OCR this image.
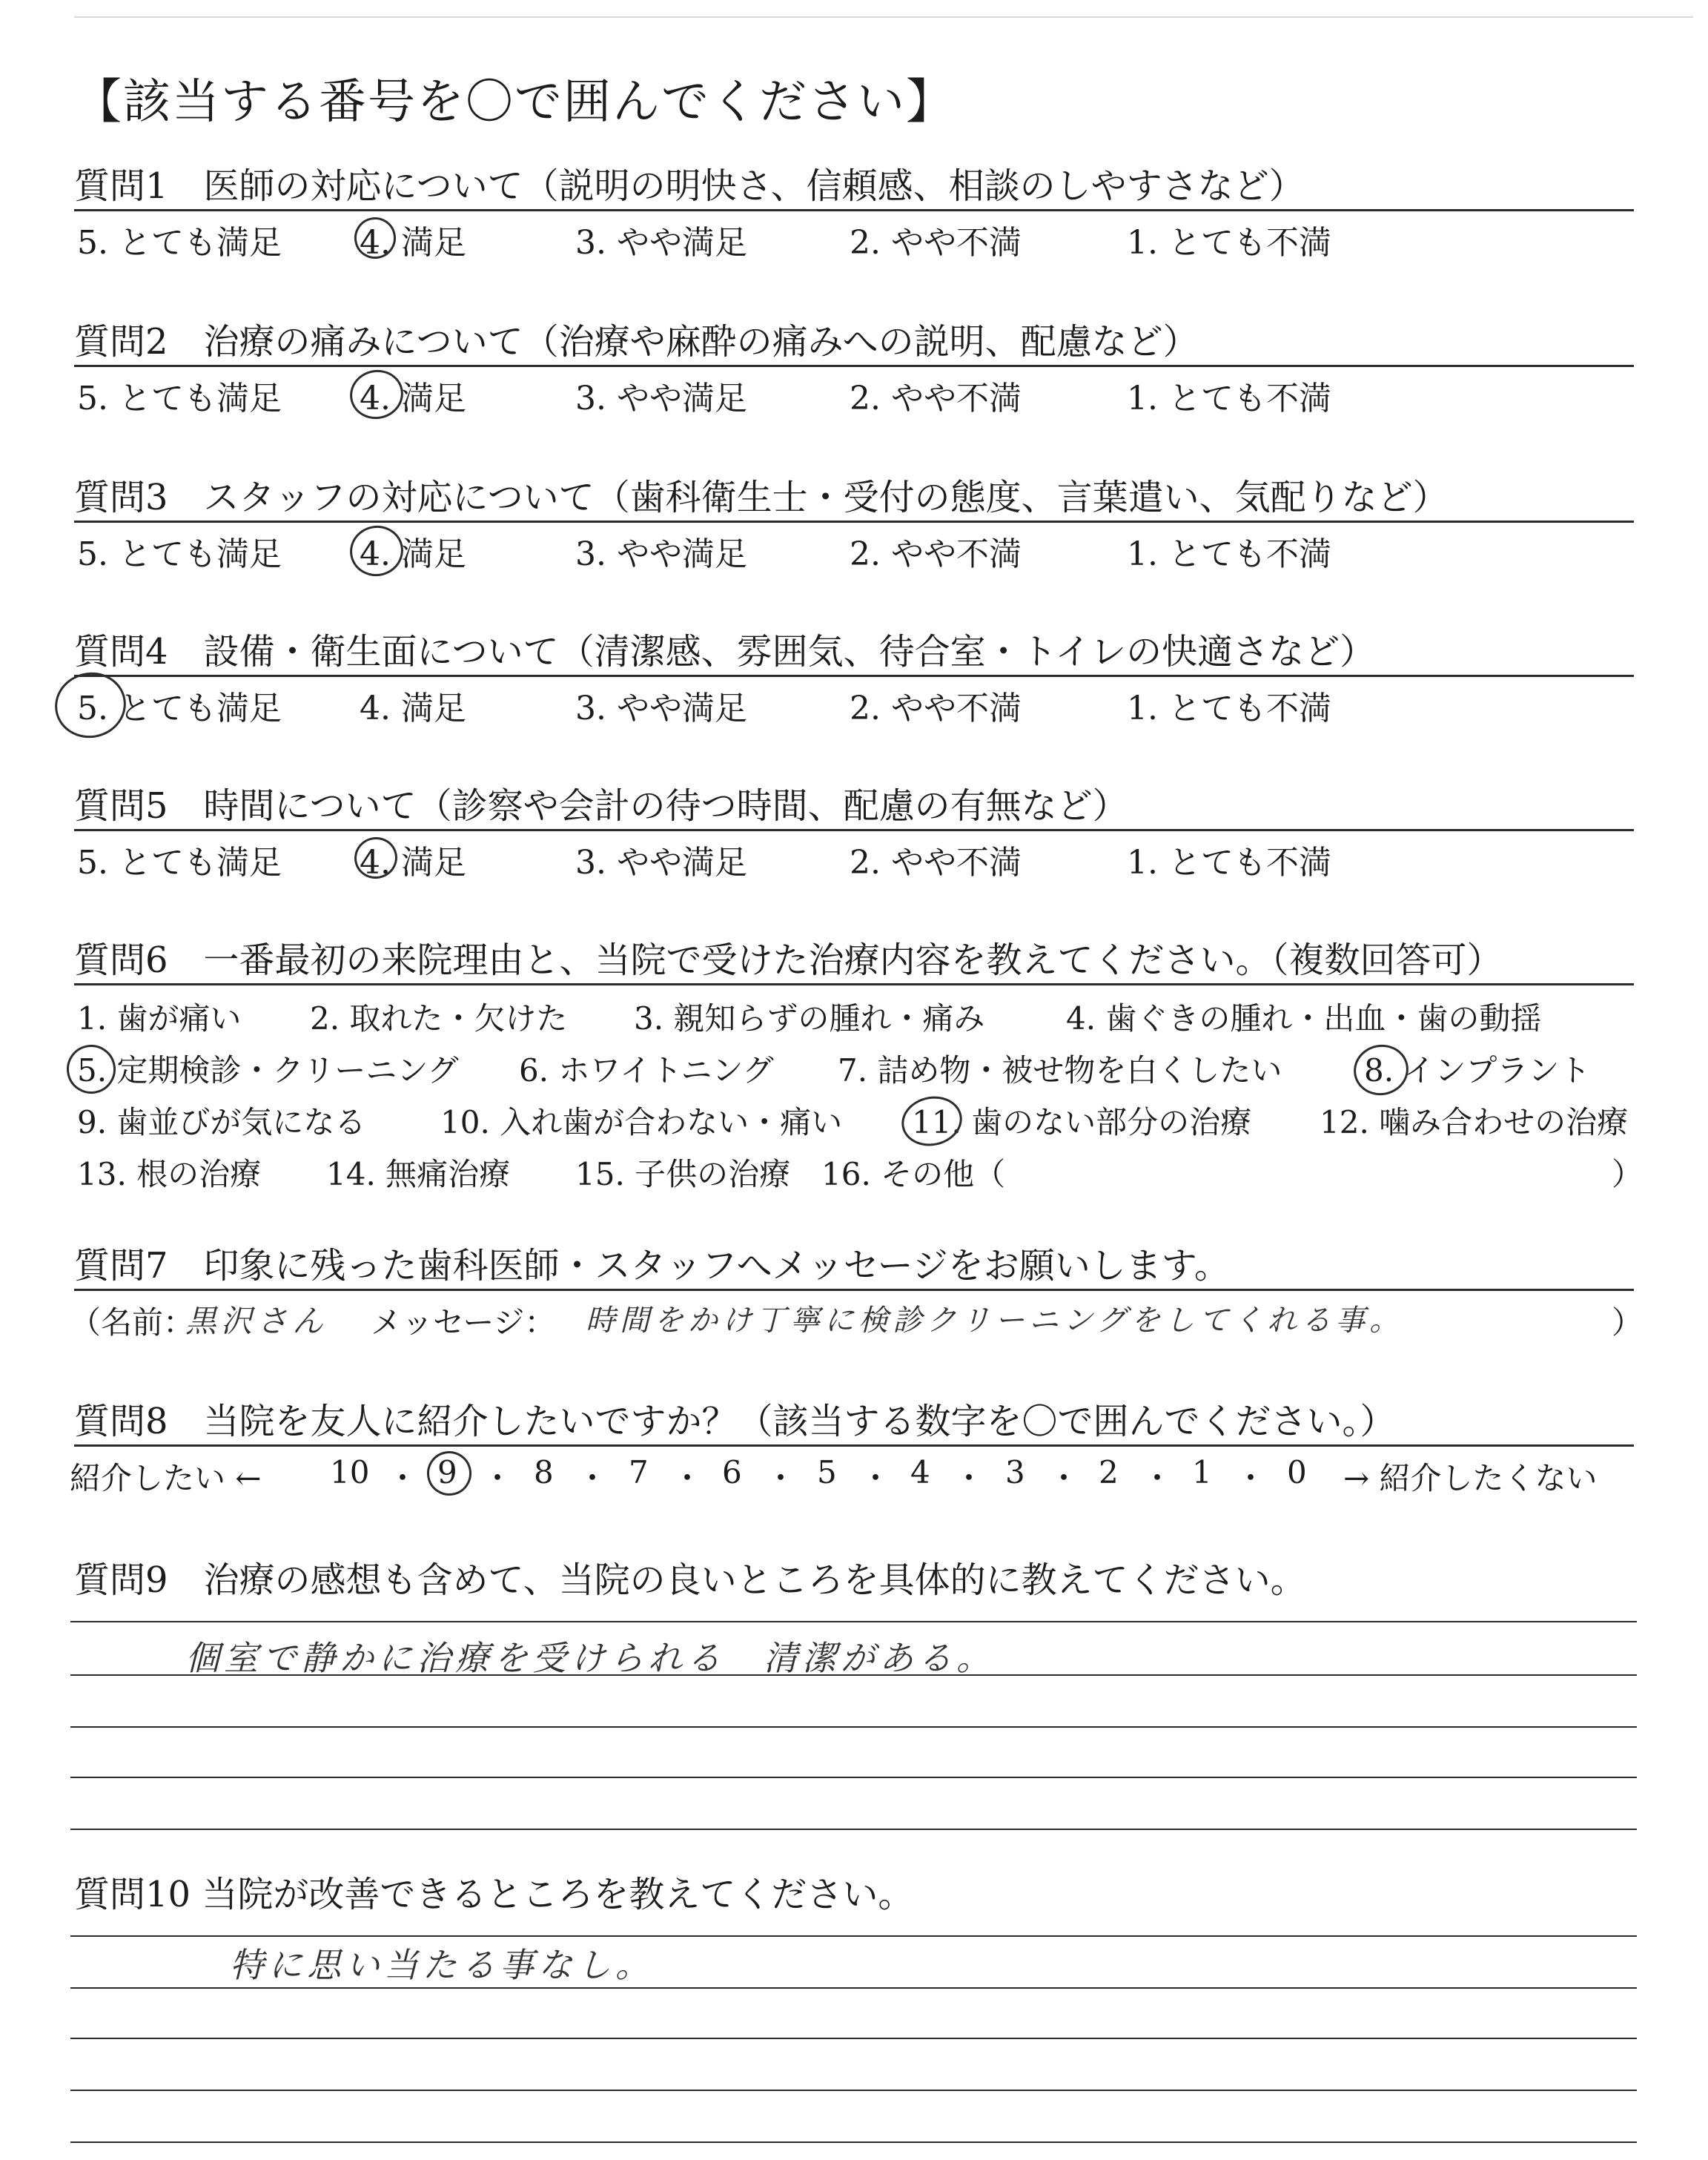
【該当する番号を〇で囲んでください】
質問1　医師の対応について（説明の明快さ、信頼感、相談のしやすさなど）
5. とても満足 4. 満足	3. やや満足	2. やや不満	1. とても不満
質問2　治療の痛みについて（治療や麻酔の痛みへの説明、配慮など）
5. とても満足 4. 満足	3. やや満足	2. やや不満	1. とても不満
質問3　スタッフの対応について（歯科衛生士・受付の態度、言葉遣い、気配りなど）
5. とても満足 4. 満足	3. やや満足	2. やや不満	1. とても不満
質問4　設備・衛生面について（清潔感、雰囲気、待合室・トイレの快適さなど）
5. とても満足 4. 満足	3. やや満足	2. やや不満	1. とても不満
質問5　時間について（診察や会計の待つ時間、配慮の有無など）
5. とても満足 4. 満足	3. やや満足	2. やや不満	1. とても不満
質問6　一番最初の来院理由と、当院で受けた治療内容を教えてください。（複数回答可）
1. 歯が痛い 2. 取れた・欠けた 3. 親知らずの腫れ・痛み	4. 歯ぐきの腫れ・出血・歯の動揺
5. 定期検診・クリーニング 6. ホワイトニング 7. 詰め物・被せ物を白くしたい	8. インプラント
9. 歯並びが気になる 10. 入れ歯が合わない・痛い 11. 歯のない部分の治療 12. 噛み合わせの治療
13. 根の治療 14. 無痛治療 15. 子供の治療 16. その他（	）
質問7　印象に残った歯科医師・スタッフへメッセージをお願いします。
（名前：
黒沢さん メッセージ： 時間をかけ丁寧に検診クリーニングをしてくれる事。	）
質問8　当院を友人に紹介したいですか？（該当する数字を〇で囲んでください。）
紹介したい ← 10 ・ 9 ・ 8 ・ 7 ・ 6 ・ 5 ・ 4 ・ 3 ・ 2 ・ 1 ・ 0 → 紹介したくない
質問9　治療の感想も含めて、当院の良いところを具体的に教えてください。
個室で静かに治療を受けられる　清潔がある。
質問10 当院が改善できるところを教えてください。
特に思い当たる事なし。
